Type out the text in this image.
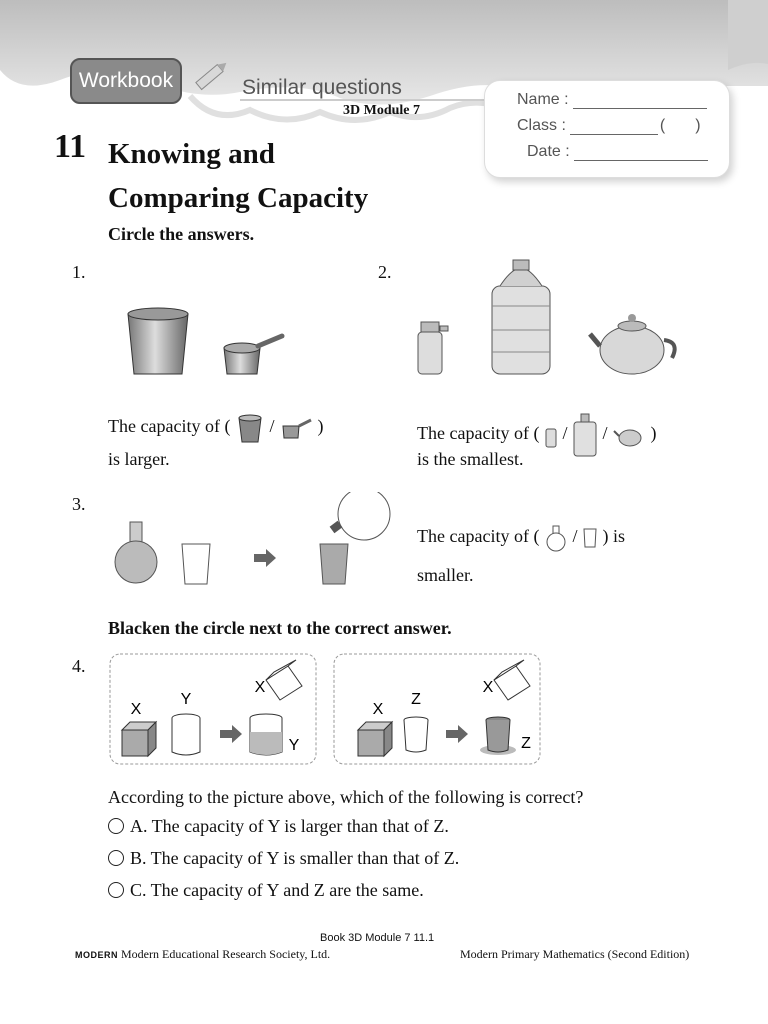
Workbook	Similar questions
3D Module 7
Name :
Class :	( )
Date :
11 Knowing and
Comparing Capacity
Circle the answers.
1.
The capacity of ( / )
is larger.
2.
The capacity of ( / / )
is the smallest.
3.
The capacity of ( / ) is
smaller.
Blacken the circle next to the correct answer.
4.
X
Y
X
Y
X
Z
X
Z
According to the picture above, which of the following is correct?
A. The capacity of Y is larger than that of Z.
B. The capacity of Y is smaller than that of Z.
C. The capacity of Y and Z are the same.
Book 3D Module 7 11.1
MODERN Modern Educational Research Society, Ltd.	Modern Primary Mathematics (Second Edition)
